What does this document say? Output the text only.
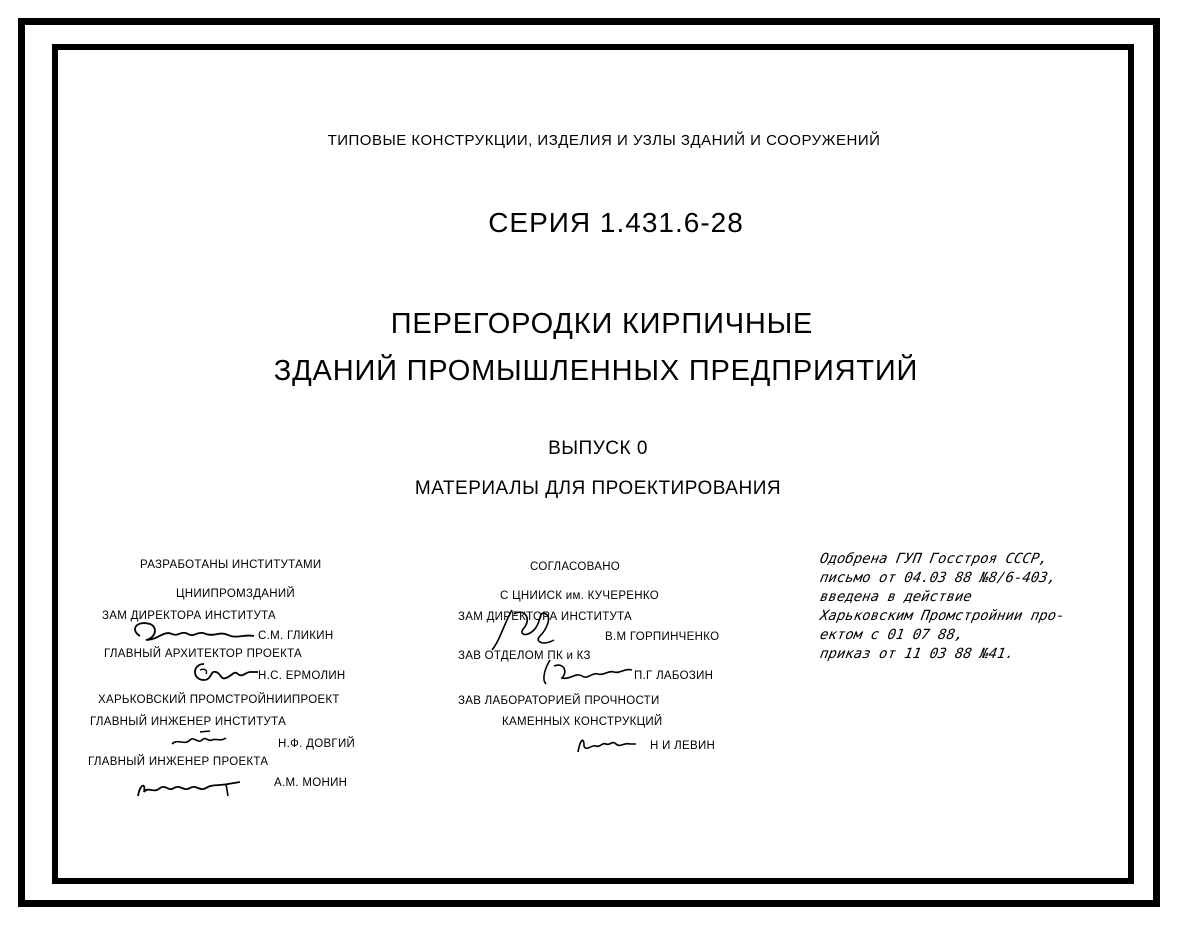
ТИПОВЫЕ КОНСТРУКЦИИ, ИЗДЕЛИЯ И УЗЛЫ ЗДАНИЙ И СООРУЖЕНИЙ
СЕРИЯ 1.431.6-28
ПЕРЕГОРОДКИ КИРПИЧНЫЕ
ЗДАНИЙ ПРОМЫШЛЕННЫХ ПРЕДПРИЯТИЙ
ВЫПУСК 0
МАТЕРИАЛЫ ДЛЯ ПРОЕКТИРОВАНИЯ
РАЗРАБОТАНЫ ИНСТИТУТАМИ
ЦНИИПРОМЗДАНИЙ
ЗАМ ДИРЕКТОРА ИНСТИТУТА
С.М. ГЛИКИН
ГЛАВНЫЙ АРХИТЕКТОР ПРОЕКТА
Н.С. ЕРМОЛИН
ХАРЬКОВСКИЙ ПРОМСТРОЙНИИПРОЕКТ
ГЛАВНЫЙ ИНЖЕНЕР ИНСТИТУТА
Н.Ф. ДОВГИЙ
ГЛАВНЫЙ ИНЖЕНЕР ПРОЕКТА
А.М. МОНИН
СОГЛАСОВАНО
С ЦНИИСК им. КУЧЕРЕНКО
ЗАМ ДИРЕКТОРА ИНСТИТУТА
В.М ГОРПИНЧЕНКО
ЗАВ ОТДЕЛОМ ПК и КЗ
П.Г ЛАБОЗИН
ЗАВ ЛАБОРАТОРИЕЙ ПРОЧНОСТИ
КАМЕННЫХ КОНСТРУКЦИЙ
Н И ЛЕВИН
Одобрена ГУП Госстроя СССР,
письмо от 04.03 88 №8/6-403,
введена в действие
Харьковским Промстройнии про-
ектом с 01 07 88,
приказ от 11 03 88 №41.
